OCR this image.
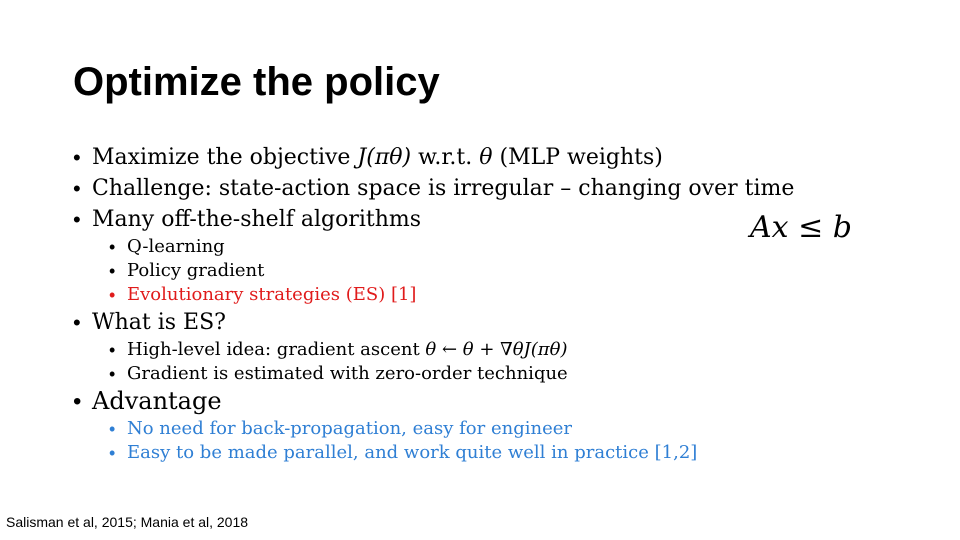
Optimize the policy
• Maximize the objective J(πθ) w.r.t. θ (MLP weights)
• Challenge: state-action space is irregular – changing over time
• Many off-the-shelf algorithms
• Q-learning
• Policy gradient
• Evolutionary strategies (ES) [1]
• What is ES?
• High-level idea: gradient ascent θ ← θ + ∇θJ(πθ)
• Gradient is estimated with zero-order technique
• Advantage
• No need for back-propagation, easy for engineer
• Easy to be made parallel, and work quite well in practice [1,2]
Ax ≤ b
Salisman et al, 2015; Mania et al, 2018
